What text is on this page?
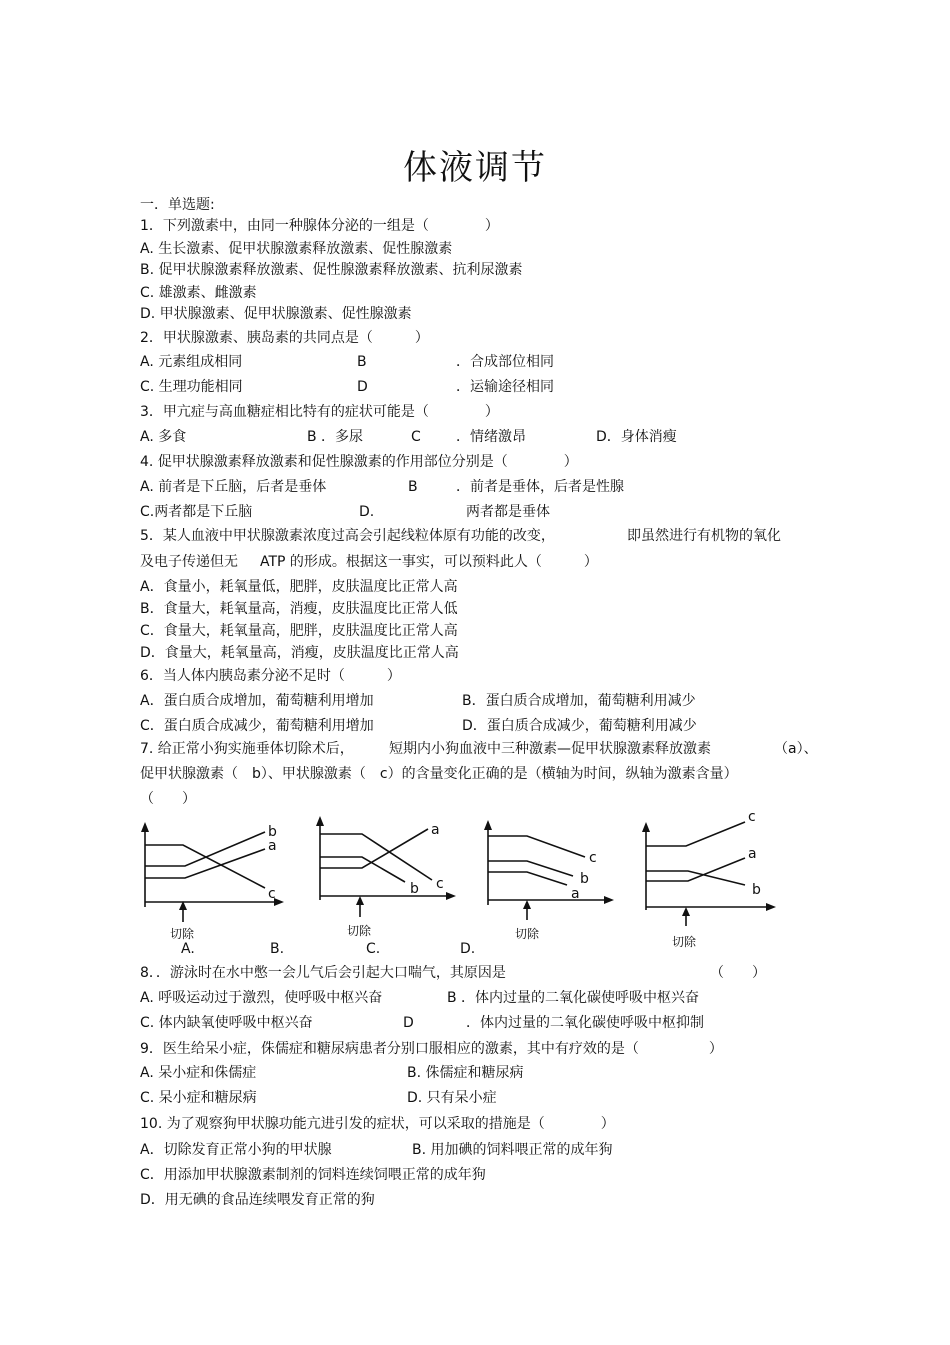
体液调节
一．单选题:
1．下列激素中，由同一种腺体分泌的一组是（　　　　）
A. 生长激素、促甲状腺激素释放激素、促性腺激素
B. 促甲状腺激素释放激素、促性腺激素释放激素、抗利尿激素
C. 雄激素、雌激素
D. 甲状腺激素、促甲状腺激素、促性腺激素
2．甲状腺激素、胰岛素的共同点是（　　　）
A. 元素组成相同	B	．合成部位相同
C. 生理功能相同	D	．运输途径相同
3．甲亢症与高血糖症相比特有的症状可能是（　　　　）
A. 多食	B ．多尿	C	．情绪激昂	D．身体消瘦
4. 促甲状腺激素释放激素和促性腺激素的作用部位分别是（　　　　）
A. 前者是下丘脑，后者是垂体	B	．前者是垂体，后者是性腺
C.两者都是下丘脑	D.	两者都是垂体
5．某人血液中甲状腺激素浓度过高会引起线粒体原有功能的改变，	即虽然进行有机物的氧化
及电子传递但无 ATP 的形成。根据这一事实，可以预料此人（　　　）
A．食量小，耗氧量低，肥胖，皮肤温度比正常人高
B．食量大，耗氧量高，消瘦，皮肤温度比正常人低
C．食量大，耗氧量高，肥胖，皮肤温度比正常人高
D．食量大，耗氧量高，消瘦，皮肤温度比正常人高
6．当人体内胰岛素分泌不足时（　　　）
A．蛋白质合成增加，葡萄糖利用增加	B．蛋白质合成增加，葡萄糖利用减少
C．蛋白质合成减少，葡萄糖利用增加	D．蛋白质合成减少，葡萄糖利用减少
7. 给正常小狗实施垂体切除术后，	短期内小狗血液中三种激素—促甲状腺激素释放激素	（a）、
促甲状腺激素（　b）、甲状腺激素（　c）的含量变化正确的是（横轴为时间，纵轴为激素含量）
（　　）
b
a
c
a
c
b
c
b
a
c
a
b
切除	切除	切除
切除
A.	B.	C.	D.
8．．游泳时在水中憋一会儿气后会引起大口喘气，其原因是	（　　）
A. 呼吸运动过于激烈，使呼吸中枢兴奋	B ．体内过量的二氧化碳使呼吸中枢兴奋
C. 体内缺氧使呼吸中枢兴奋	D	．体内过量的二氧化碳使呼吸中枢抑制
9．医生给呆小症，侏儒症和糖尿病患者分别口服相应的激素，其中有疗效的是（　　　　　）
A. 呆小症和侏儒症	B. 侏儒症和糖尿病
C. 呆小症和糖尿病	D. 只有呆小症
10. 为了观察狗甲状腺功能亢进引发的症状，可以采取的措施是（　　　　）
A．切除发育正常小狗的甲状腺	B. 用加碘的饲料喂正常的成年狗
C．用添加甲状腺激素制剂的饲料连续饲喂正常的成年狗
D．用无碘的食品连续喂发育正常的狗
